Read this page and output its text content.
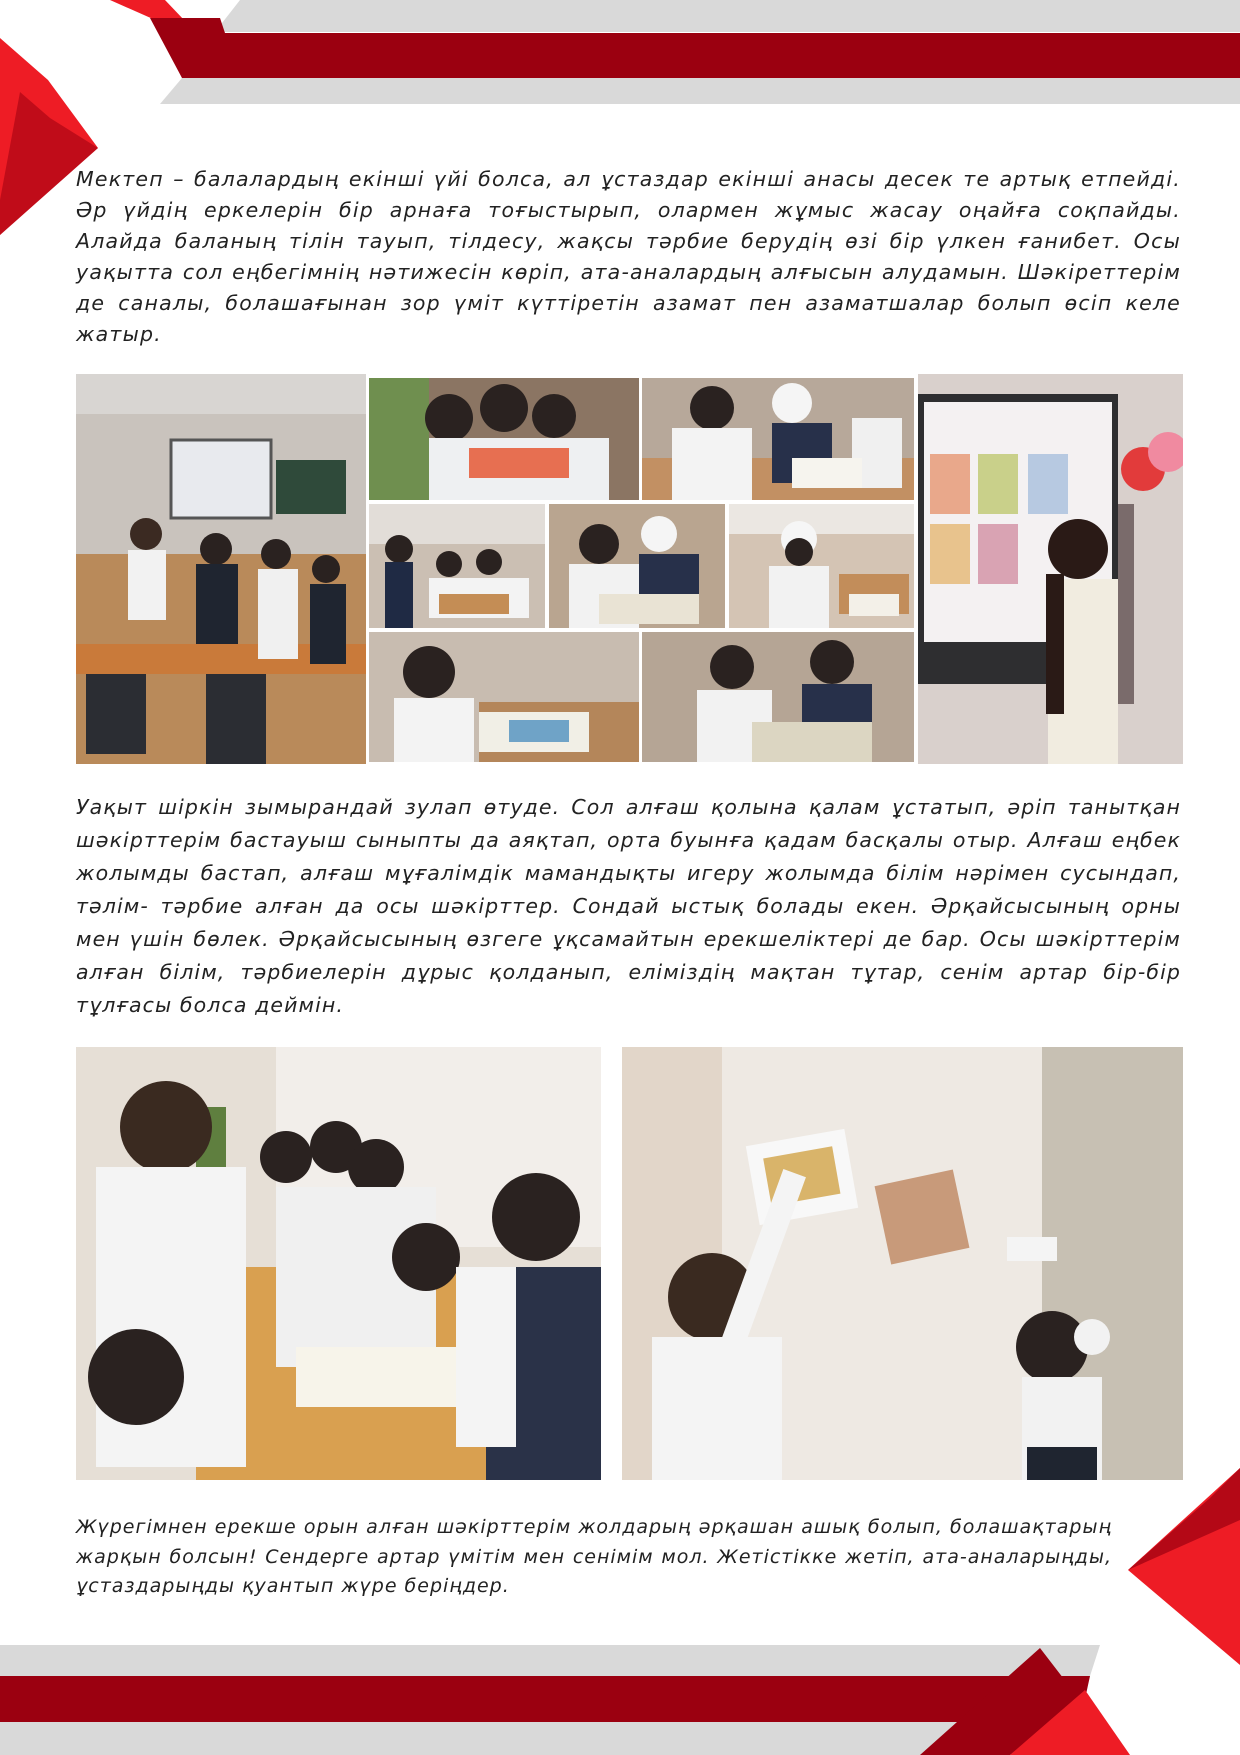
Мектеп – балалардың екінші үйі болса, ал ұстаздар екінші анасы десек те артық етпейді. Әр үйдің еркелерін бір арнаға тоғыстырып, олармен жұмыс жасау оңайға соқпайды. Алайда баланың тілін тауып, тілдесу, жақсы тәрбие берудің өзі бір үлкен ғанибет. Осы уақытта сол еңбегімнің нәтижесін көріп, ата-аналардың алғысын алудамын. Шәкіреттерім де саналы, болашағынан зор үміт күттіретін азамат пен азаматшалар болып өсіп келе жатыр.

Уақыт шіркін зымырандай зулап өтуде. Сол алғаш қолына қалам ұстатып, әріп танытқан шәкірттерім бастауыш сыныпты да аяқтап, орта буынға қадам басқалы отыр. Алғаш еңбек жолымды бастап, алғаш мұғалімдік мамандықты игеру жолымда білім нәрімен сусындап, тәлім- тәрбие алған да осы шәкірттер. Сондай ыстық болады екен. Әрқайсысының орны мен үшін бөлек. Әрқайсысының өзгеге ұқсамайтын ерекшеліктері де бар. Осы шәкірттерім алған білім, тәрбиелерін дұрыс қолданып, еліміздің мақтан тұтар, сенім артар бір-бір тұлғасы болса деймін.

Жүрегімнен ерекше орын алған шәкірттерім жолдарың әрқашан ашық болып, болашақтарың жарқын болсын! Сендерге артар үмітім мен сенімім мол. Жетістікке жетіп, ата-аналарыңды, ұстаздарыңды қуантып жүре беріңдер.
